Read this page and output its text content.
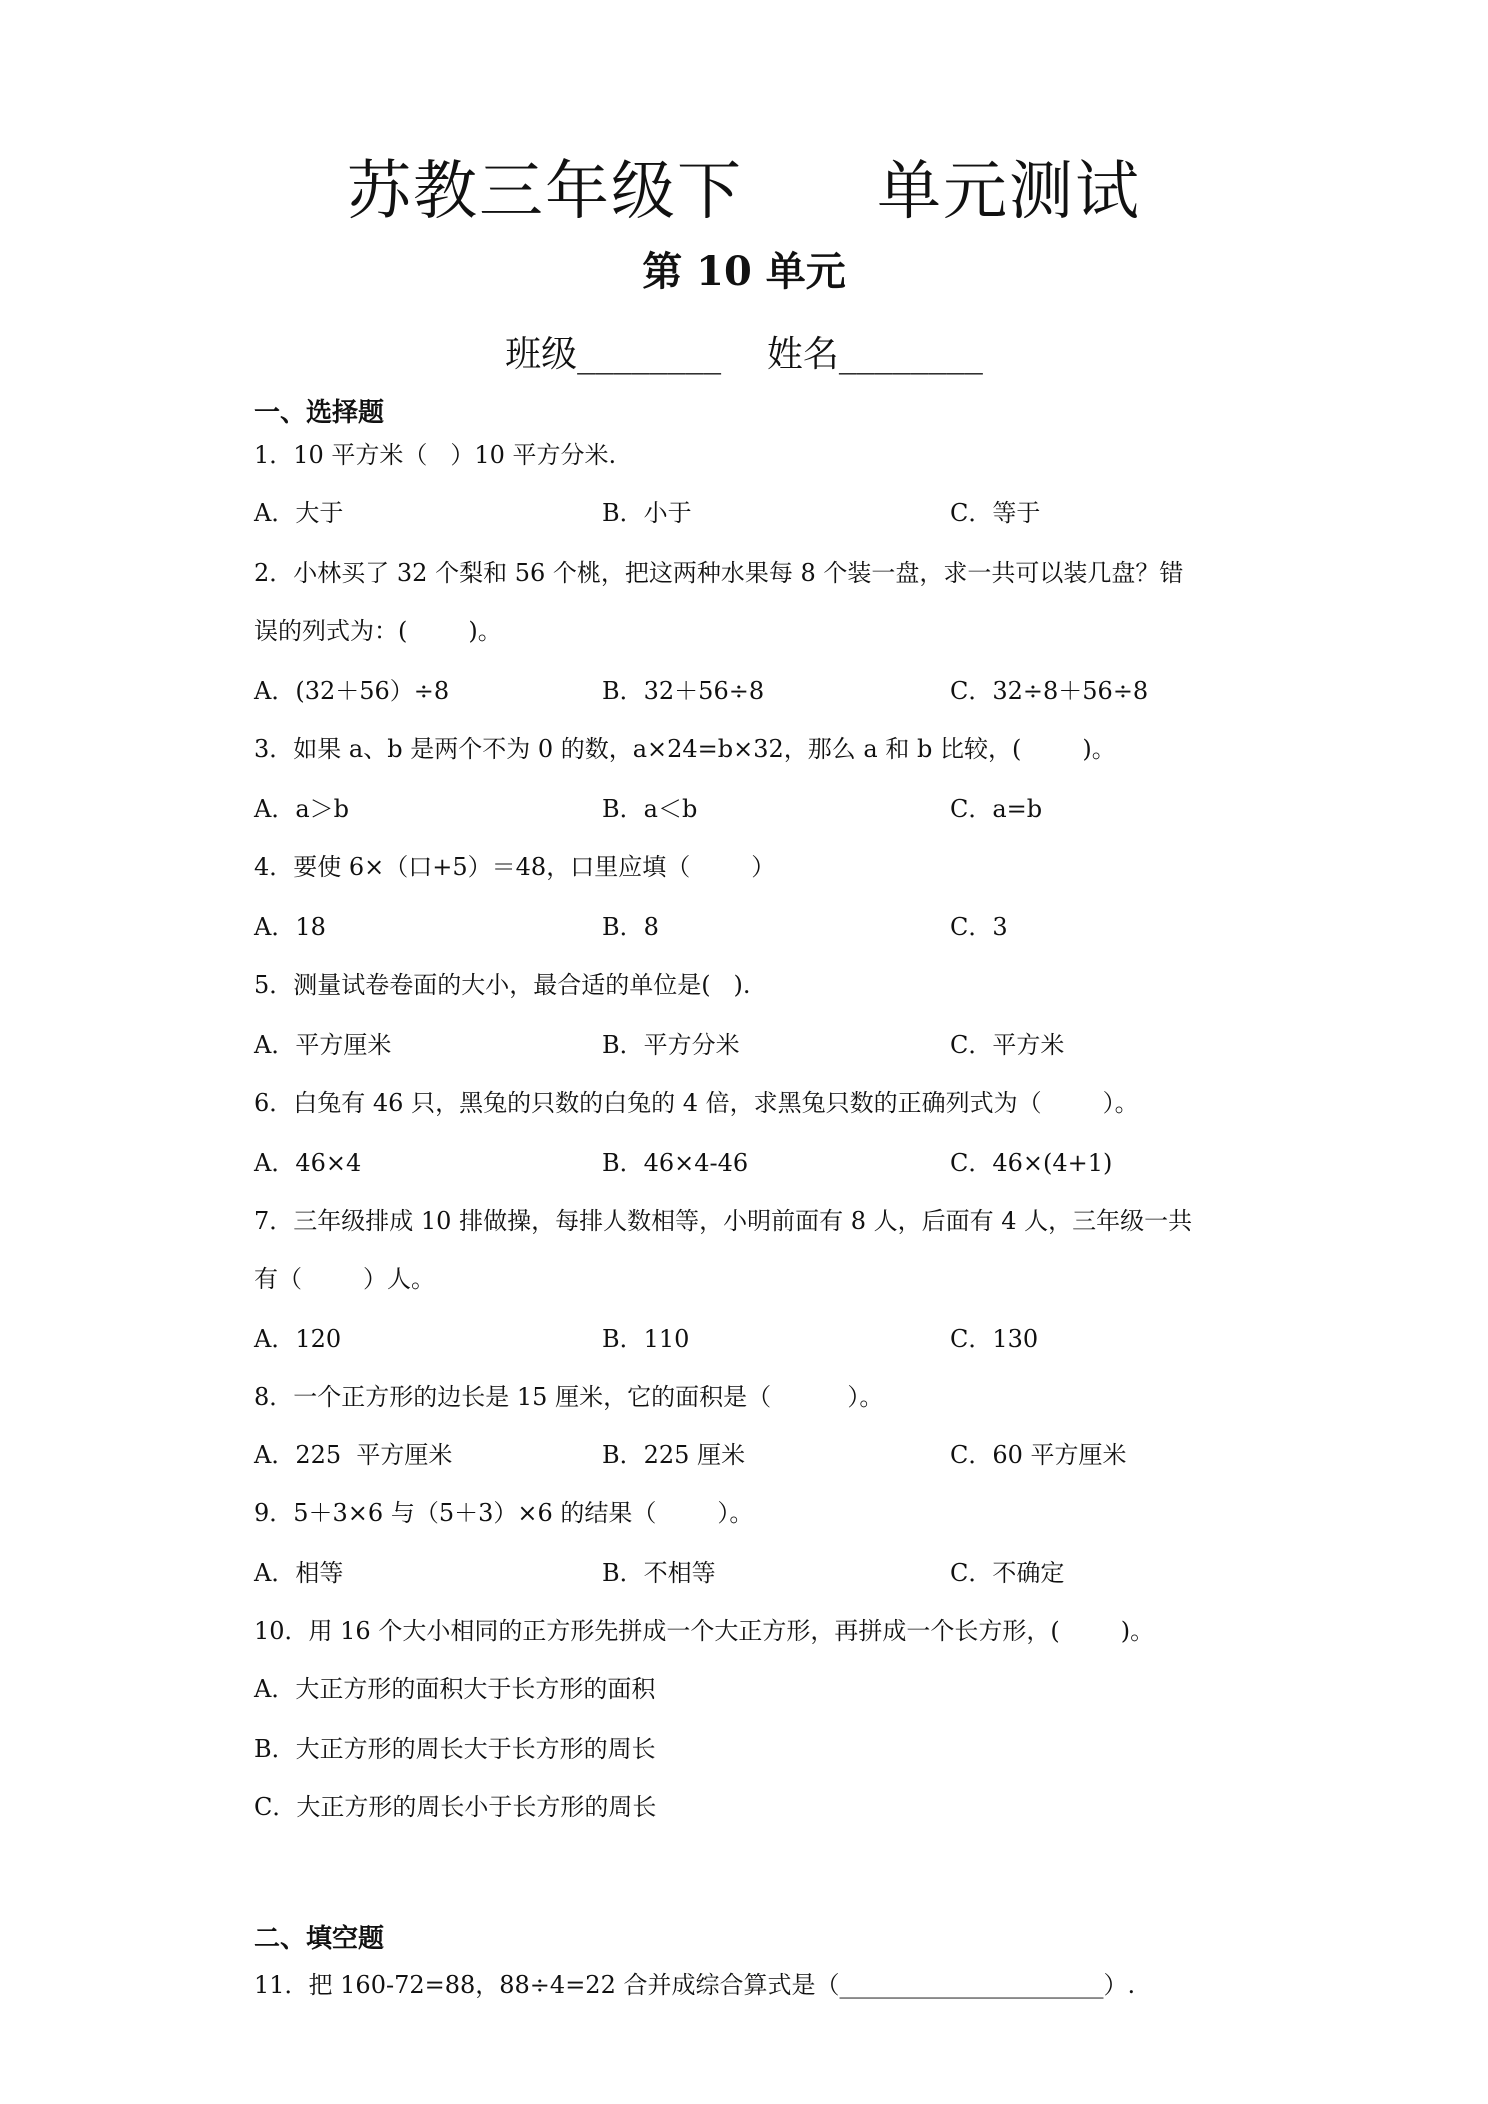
苏教三年级下      单元测试
第 10 单元
班级________    姓名________
一、选择题
1．10 平方米（   ）10 平方分米.
A．大于	B．小于	C．等于
2．小林买了 32 个梨和 56 个桃，把这两种水果每 8 个装一盘，求一共可以装几盘？错
误的列式为：(        )。
A．(32＋56）÷8	B．32＋56÷8	C．32÷8＋56÷8
3．如果 a、b 是两个不为 0 的数，a×24=b×32，那么 a 和 b 比较，(        )。
A．a＞b	B．a＜b	C．a=b
4．要使 6×（口+5）＝48，口里应填（        ）
A．18	B．8	C．3
5．测量试卷卷面的大小，最合适的单位是(   ).
A．平方厘米	B．平方分米	C．平方米
6．白兔有 46 只，黑兔的只数的白兔的 4 倍，求黑兔只数的正确列式为（        ）。
A．46×4	B．46×4-46	C．46×(4+1)
7．三年级排成 10 排做操，每排人数相等，小明前面有 8 人，后面有 4 人，三年级一共
有（        ）人。
A．120	B．110	C．130
8．一个正方形的边长是 15 厘米，它的面积是（          ）。
A．225  平方厘米	B．225 厘米	C．60 平方厘米
9．5＋3×6 与（5＋3）×6 的结果（        ）。
A．相等	B．不相等	C．不确定
10．用 16 个大小相同的正方形先拼成一个大正方形，再拼成一个长方形，(        )。
A．大正方形的面积大于长方形的面积
B．大正方形的周长大于长方形的周长
C．大正方形的周长小于长方形的周长
二、填空题
11．把 160-72=88，88÷4=22 合并成综合算式是（______________________）.
